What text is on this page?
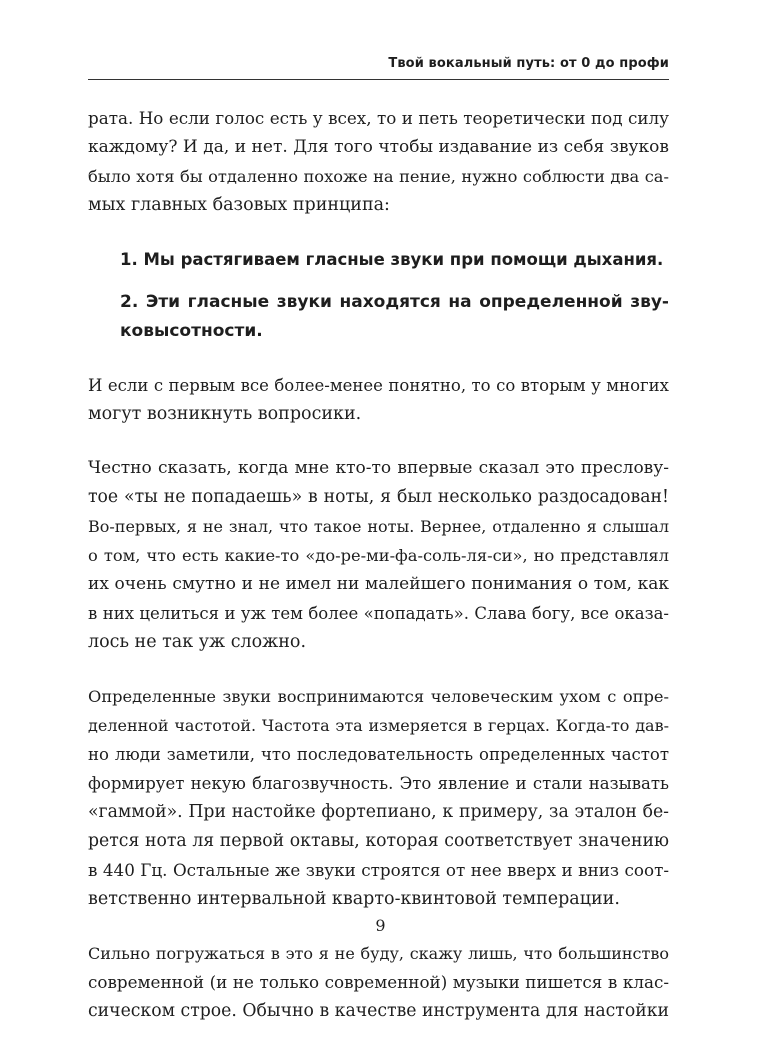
Твой вокальный путь: от 0 до профи

рата. Но если голос есть у всех, то и петь теоретически под силу
каждому? И да, и нет. Для того чтобы издавание из себя звуков
было хотя бы отдаленно похоже на пение, нужно соблюсти два са-
мых главных базовых принципа:

1. Мы растягиваем гласные звуки при помощи дыхания.
2. Эти гласные звуки находятся на определенной зву-
ковысотности.

И если с первым все более-менее понятно, то со вторым у многих
могут возникнуть вопросики.

Честно сказать, когда мне кто-то впервые сказал это преслову-
тое «ты не попадаешь» в ноты, я был несколько раздосадован!
Во-первых, я не знал, что такое ноты. Вернее, отдаленно я слышал
о том, что есть какие-то «до-ре-ми-фа-соль-ля-си», но представлял
их очень смутно и не имел ни малейшего понимания о том, как
в них целиться и уж тем более «попадать». Слава богу, все оказа-
лось не так уж сложно.

Определенные звуки воспринимаются человеческим ухом с опре-
деленной частотой. Частота эта измеряется в герцах. Когда-то дав-
но люди заметили, что последовательность определенных частот
формирует некую благозвучность. Это явление и стали называть
«гаммой». При настойке фортепиано, к примеру, за эталон бе-
рется нота ля первой октавы, которая соответствует значению
в 440 Гц. Остальные же звуки строятся от нее вверх и вниз соот-
ветственно интервальной кварто-квинтовой темперации.

Сильно погружаться в это я не буду, скажу лишь, что большинство
современной (и не только современной) музыки пишется в клас-
сическом строе. Обычно в качестве инструмента для настойки

9
